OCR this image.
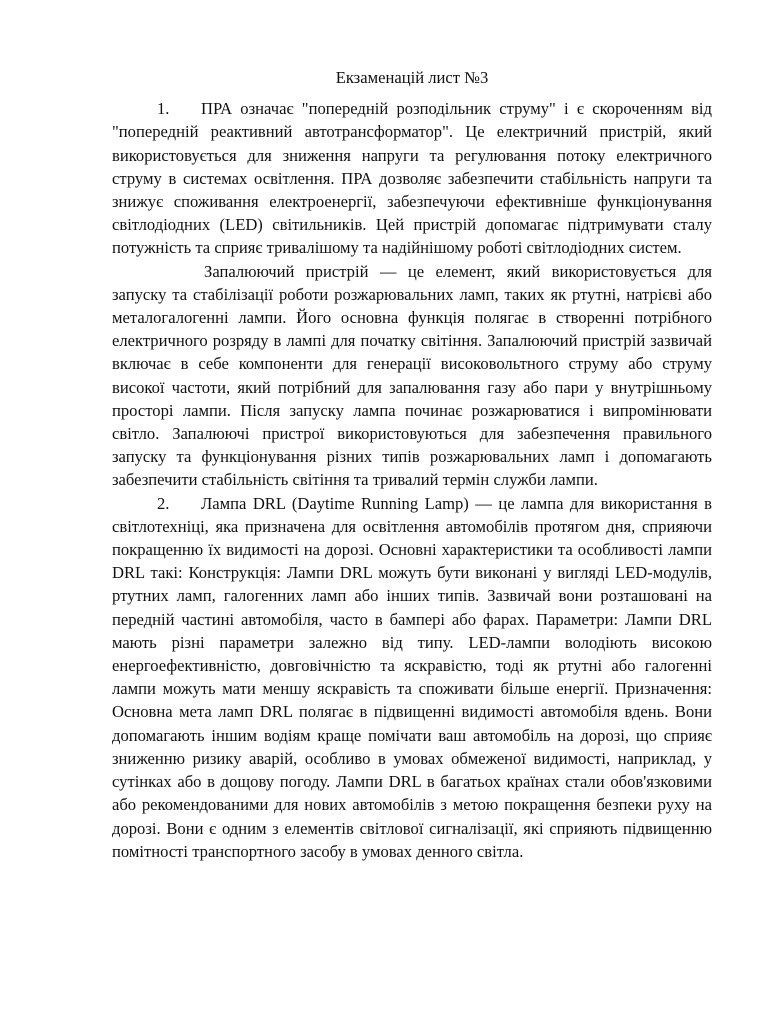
Екзаменацій лист №3

1. ПРА означає "попередній розподільник струму" і є скороченням від "попередній реактивний автотрансформатор". Це електричний пристрій, який використовується для зниження напруги та регулювання потоку електричного струму в системах освітлення. ПРА дозволяє забезпечити стабільність напруги та знижує споживання електроенергії, забезпечуючи ефективніше функціонування світлодіодних (LED) світильників. Цей пристрій допомагає підтримувати сталу потужність та сприяє тривалішому та надійнішому роботі світлодіодних систем.

Запалюючий пристрій — це елемент, який використовується для запуску та стабілізації роботи розжарювальних ламп, таких як ртутні, натрієві або металогалогенні лампи. Його основна функція полягає в створенні потрібного електричного розряду в лампі для початку світіння. Запалюючий пристрій зазвичай включає в себе компоненти для генерації високовольтного струму або струму високої частоти, який потрібний для запалювання газу або пари у внутрішньому просторі лампи. Після запуску лампа починає розжарюватися і випромінювати світло. Запалюючі пристрої використовуються для забезпечення правильного запуску та функціонування різних типів розжарювальних ламп і допомагають забезпечити стабільність світіння та тривалий термін служби лампи.

2. Лампа DRL (Daytime Running Lamp) — це лампа для використання в світлотехніці, яка призначена для освітлення автомобілів протягом дня, сприяючи покращенню їх видимості на дорозі. Основні характеристики та особливості лампи DRL такі: Конструкція: Лампи DRL можуть бути виконані у вигляді LED-модулів, ртутних ламп, галогенних ламп або інших типів. Зазвичай вони розташовані на передній частині автомобіля, часто в бампері або фарах. Параметри: Лампи DRL мають різні параметри залежно від типу. LED-лампи володіють високою енергоефективністю, довговічністю та яскравістю, тоді як ртутні або галогенні лампи можуть мати меншу яскравість та споживати більше енергії. Призначення: Основна мета ламп DRL полягає в підвищенні видимості автомобіля вдень. Вони допомагають іншим водіям краще помічати ваш автомобіль на дорозі, що сприяє зниженню ризику аварій, особливо в умовах обмеженої видимості, наприклад, у сутінках або в дощову погоду. Лампи DRL в багатьох країнах стали обов'язковими або рекомендованими для нових автомобілів з метою покращення безпеки руху на дорозі. Вони є одним з елементів світлової сигналізації, які сприяють підвищенню помітності транспортного засобу в умовах денного світла.
